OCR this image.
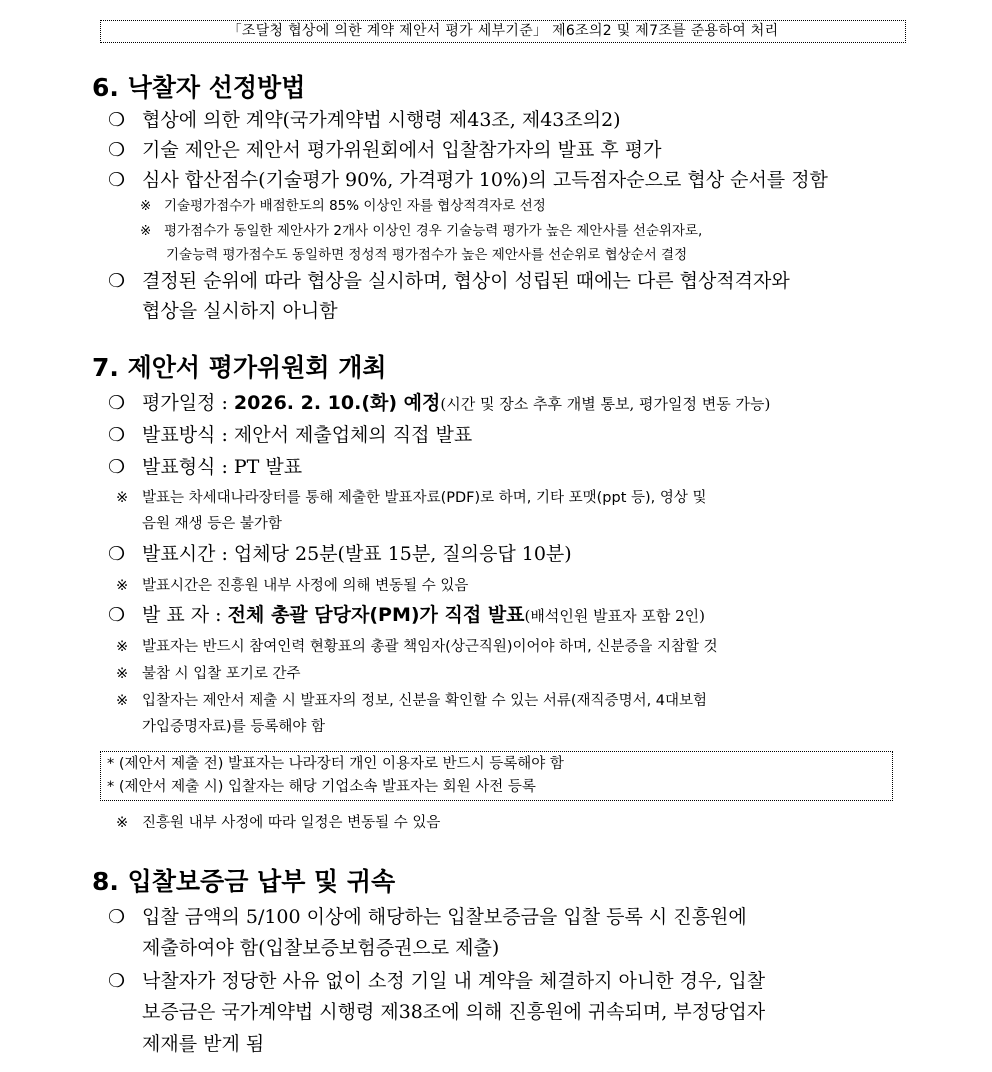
「조달청 협상에 의한 계약 제안서 평가 세부기준」 제6조의2 및 제7조를 준용하여 처리
6. 낙찰자 선정방법
❍ 협상에 의한 계약(국가계약법 시행령 제43조, 제43조의2)
❍ 기술 제안은 제안서 평가위원회에서 입찰참가자의 발표 후 평가
❍ 심사 합산점수(기술평가 90%, 가격평가 10%)의 고득점자순으로 협상 순서를 정함
※ 기술평가점수가 배점한도의 85% 이상인 자를 협상적격자로 선정
※ 평가점수가 동일한 제안사가 2개사 이상인 경우 기술능력 평가가 높은 제안사를 선순위자로,
기술능력 평가점수도 동일하면 정성적 평가점수가 높은 제안사를 선순위로 협상순서 결정
❍ 결정된 순위에 따라 협상을 실시하며, 협상이 성립된 때에는 다른 협상적격자와
협상을 실시하지 아니함
7. 제안서 평가위원회 개최
❍ 평가일정 : 2026. 2. 10.(화) 예정(시간 및 장소 추후 개별 통보, 평가일정 변동 가능)
❍ 발표방식 : 제안서 제출업체의 직접 발표
❍ 발표형식 : PT 발표
※ 발표는 차세대나라장터를 통해 제출한 발표자료(PDF)로 하며, 기타 포맷(ppt 등), 영상 및
음원 재생 등은 불가함
❍ 발표시간 : 업체당 25분(발표 15분, 질의응답 10분)
※ 발표시간은 진흥원 내부 사정에 의해 변동될 수 있음
❍ 발 표 자 : 전체 총괄 담당자(PM)가 직접 발표(배석인원 발표자 포함 2인)
※ 발표자는 반드시 참여인력 현황표의 총괄 책임자(상근직원)이어야 하며, 신분증을 지참할 것
※ 불참 시 입찰 포기로 간주
※ 입찰자는 제안서 제출 시 발표자의 정보, 신분을 확인할 수 있는 서류(재직증명서, 4대보험
가입증명자료)를 등록해야 함
* (제안서 제출 전) 발표자는 나라장터 개인 이용자로 반드시 등록해야 함
* (제안서 제출 시) 입찰자는 해당 기업소속 발표자는 회원 사전 등록
※ 진흥원 내부 사정에 따라 일정은 변동될 수 있음
8. 입찰보증금 납부 및 귀속
❍ 입찰 금액의 5/100 이상에 해당하는 입찰보증금을 입찰 등록 시 진흥원에
제출하여야 함(입찰보증보험증권으로 제출)
❍ 낙찰자가 정당한 사유 없이 소정 기일 내 계약을 체결하지 아니한 경우, 입찰
보증금은 국가계약법 시행령 제38조에 의해 진흥원에 귀속되며, 부정당업자
제재를 받게 됨
